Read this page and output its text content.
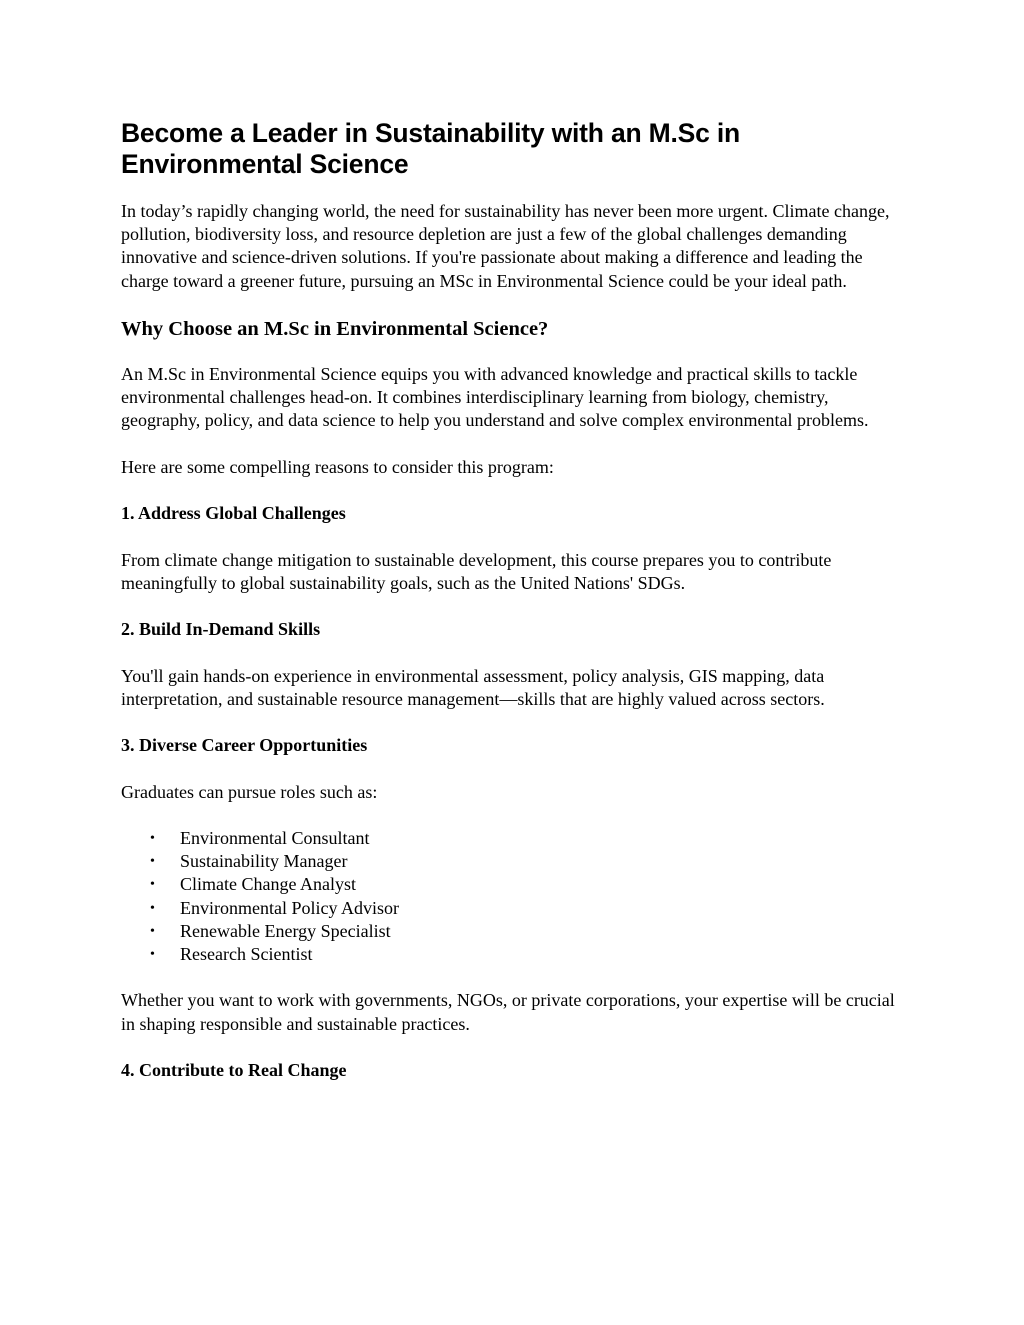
Become a Leader in Sustainability with an M.Sc in Environmental Science

In today’s rapidly changing world, the need for sustainability has never been more urgent. Climate change, pollution, biodiversity loss, and resource depletion are just a few of the global challenges demanding innovative and science-driven solutions. If you're passionate about making a difference and leading the charge toward a greener future, pursuing an MSc in Environmental Science could be your ideal path.

Why Choose an M.Sc in Environmental Science?

An M.Sc in Environmental Science equips you with advanced knowledge and practical skills to tackle environmental challenges head-on. It combines interdisciplinary learning from biology, chemistry, geography, policy, and data science to help you understand and solve complex environmental problems.

Here are some compelling reasons to consider this program:

1. Address Global Challenges

From climate change mitigation to sustainable development, this course prepares you to contribute meaningfully to global sustainability goals, such as the United Nations' SDGs.

2. Build In-Demand Skills

You'll gain hands-on experience in environmental assessment, policy analysis, GIS mapping, data interpretation, and sustainable resource management—skills that are highly valued across sectors.

3. Diverse Career Opportunities

Graduates can pursue roles such as:

• Environmental Consultant
• Sustainability Manager
• Climate Change Analyst
• Environmental Policy Advisor
• Renewable Energy Specialist
• Research Scientist

Whether you want to work with governments, NGOs, or private corporations, your expertise will be crucial in shaping responsible and sustainable practices.

4. Contribute to Real Change
